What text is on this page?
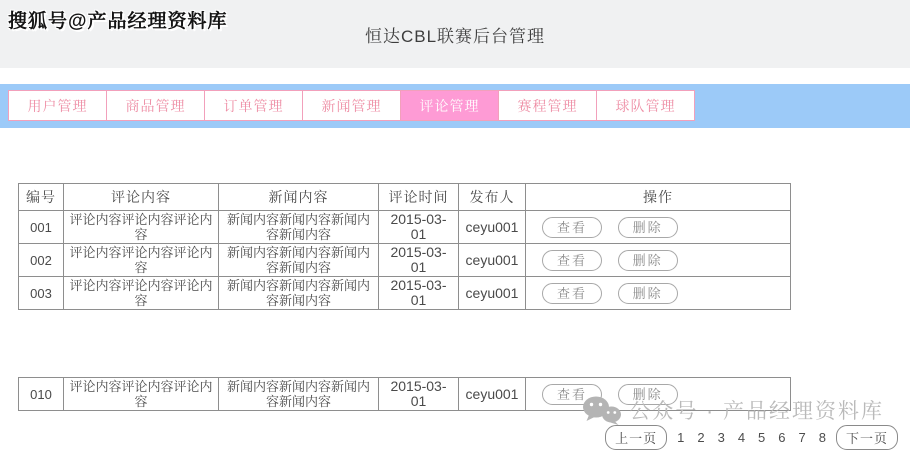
搜狐号@产品经理资料库
恒达CBL联赛后台管理
用户管理	商品管理	订单管理	新闻管理	评论管理	赛程管理	球队管理
编号	评论内容	新闻内容	评论时间	发布人	操作
001	评论内容评论内容评论内容	新闻内容新闻内容新闻内容新闻内容	2015-03-01	ceyu001	查看 删除
002	评论内容评论内容评论内容	新闻内容新闻内容新闻内容新闻内容	2015-03-01	ceyu001	查看 删除
003	评论内容评论内容评论内容	新闻内容新闻内容新闻内容新闻内容	2015-03-01	ceyu001	查看 删除
010	评论内容评论内容评论内容	新闻内容新闻内容新闻内容新闻内容	2015-03-01	ceyu001	查看	删除
公众号 · 产品经理资料库
上一页	1 2 3 4 5 6 7 8	下一页
